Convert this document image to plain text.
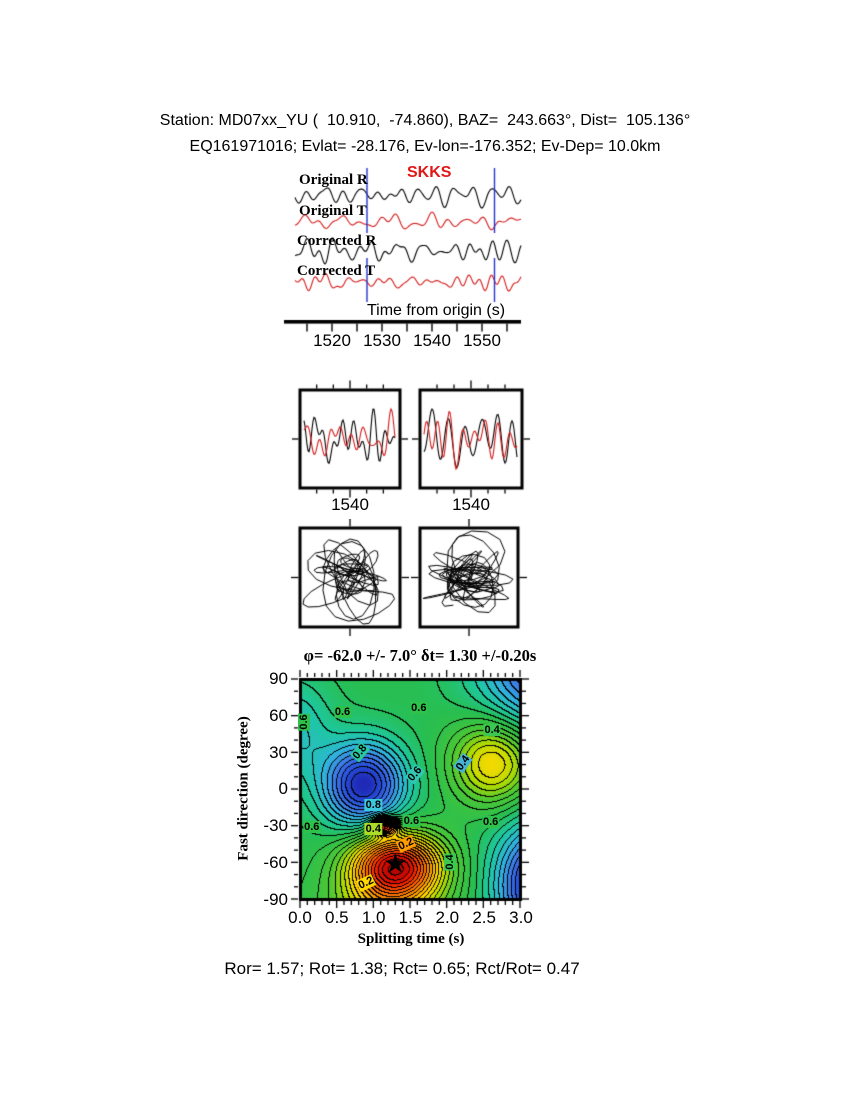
Station: MD07xx_YU (  10.910,  -74.860), BAZ=  243.663°, Dist=  105.136°
EQ161971016; Evlat= -28.176, Ev-lon=-176.352; Ev-Dep= 10.0km
SKKS
Original R
Original T
Corrected R
Corrected T
Time from origin (s)
1540	1540
φ= -62.0 +/- 7.0° δt= 1.30 +/-0.20s
0.6	0.6
0.6
0.4
0.8
0.4
0.6
0.8
0.6
0.6	0.6
0.4
0.2
0.4
0.2
★
Fast direction (degree)
Splitting time (s)
Ror= 1.57; Rot= 1.38; Rct= 0.65; Rct/Rot= 0.47
1520 1530 1540 1550
90
60
30
0
-30
-60
-90
0.0 0.5 1.0 1.5 2.0 2.5 3.0
